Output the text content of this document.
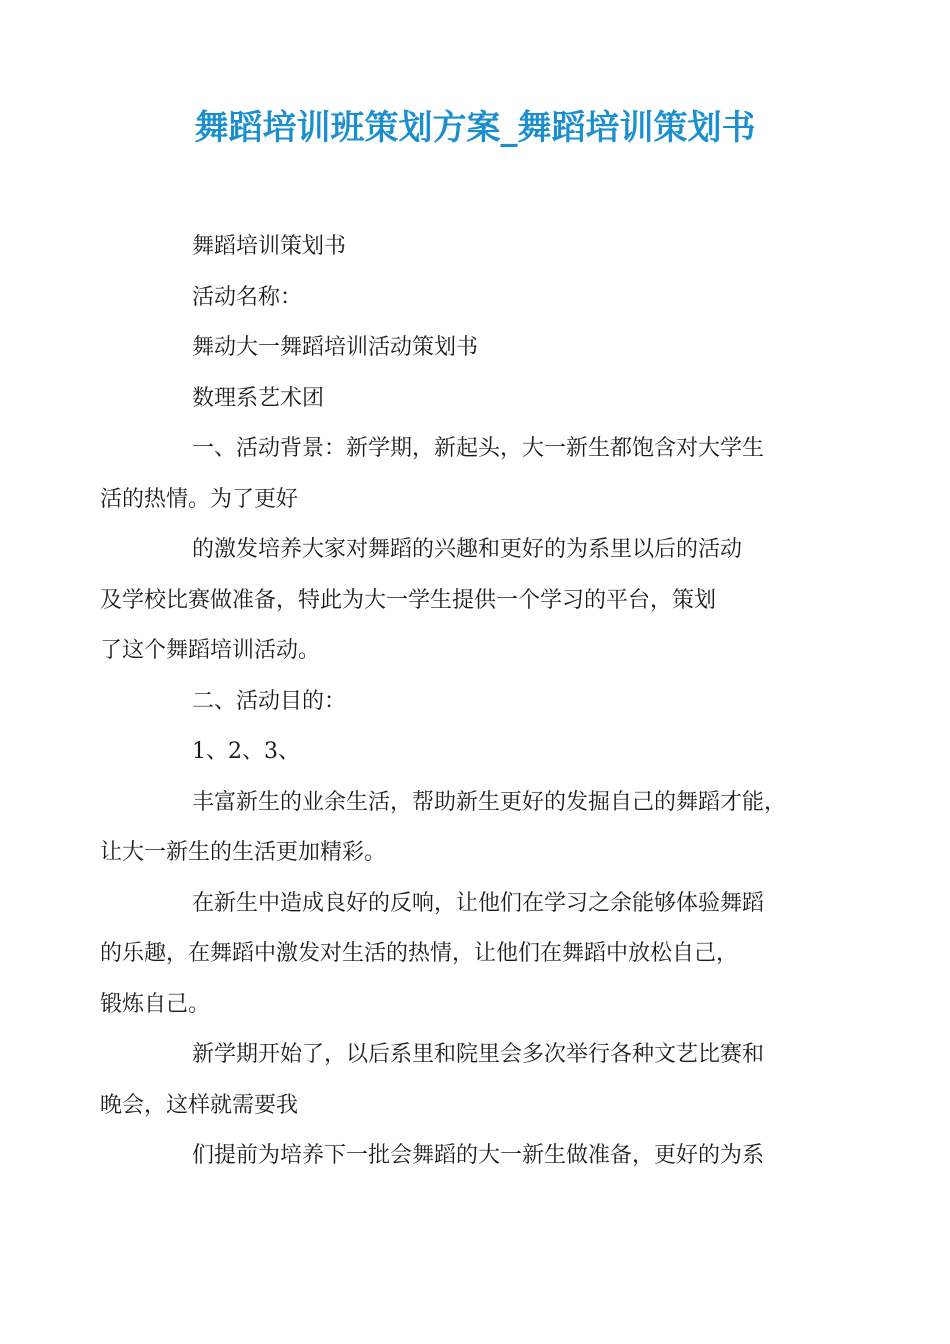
舞蹈培训班策划方案_舞蹈培训策划书

舞蹈培训策划书

活动名称：

舞动大一舞蹈培训活动策划书

数理系艺术团

一、活动背景：新学期，新起头，大一新生都饱含对大学生
活的热情。为了更好

的激发培养大家对舞蹈的兴趣和更好的为系里以后的活动
及学校比赛做准备，特此为大一学生提供一个学习的平台，策划
了这个舞蹈培训活动。

二、活动目的：

1、2、3、

丰富新生的业余生活，帮助新生更好的发掘自己的舞蹈才能，
让大一新生的生活更加精彩。

在新生中造成良好的反响，让他们在学习之余能够体验舞蹈
的乐趣，在舞蹈中激发对生活的热情，让他们在舞蹈中放松自己，
锻炼自己。

新学期开始了，以后系里和院里会多次举行各种文艺比赛和
晚会，这样就需要我

们提前为培养下一批会舞蹈的大一新生做准备，更好的为系
